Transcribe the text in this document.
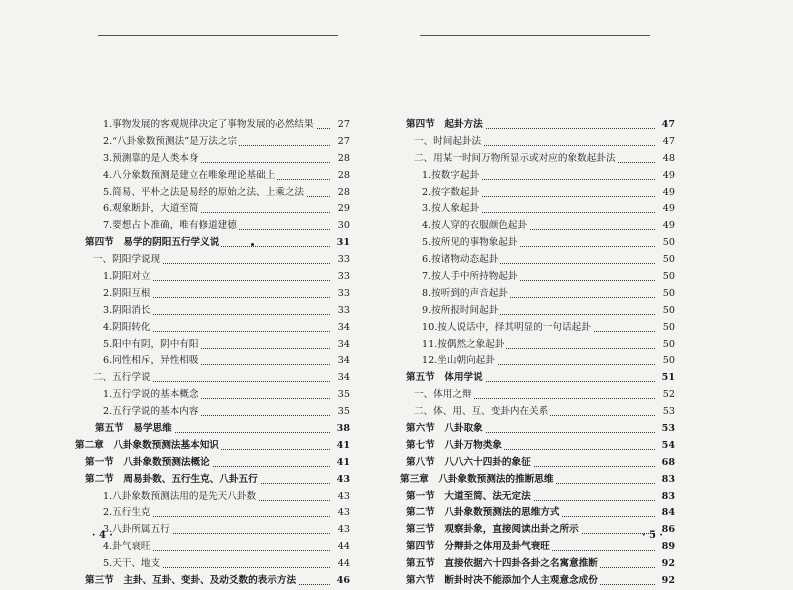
1.事物发展的客观规律决定了事物发展的必然结果	27
2.“八卦象数预测法”是万法之宗	27
3.预测靠的是人类本身	28
4.八分象数预测是建立在唯象理论基础上	28
5.简易、平朴之法是易经的原始之法、上乘之法	28
6.观象断卦，大道至简	29
7.要想占卜准确，唯有修道建德	30
第四节　易学的阴阳五行学义说	31
一、阴阳学说现	33
1.阴阳对立	33
2.阴阳互根	33
3.阴阳消长	33
4.阴阳转化	34
5.阳中有阴，阴中有阳	34
6.同性相斥，异性相吸	34
二、五行学说	34
1.五行学说的基本概念	35
2.五行学说的基本内容	35
第五节　易学思维	38
第二章　八卦象数预测法基本知识	41
第一节　八卦象数预测法概论	41
第二节　周易卦数、五行生克、八卦五行	43
1.八卦象数预测法用的是先天八卦数	43
2.五行生克	43
3.八卦所属五行	43
4.卦气衰旺	44
5.天干、地支	44
第三节　主卦、互卦、变卦、及动爻数的表示方法	46
第四节　起卦方法	47
一、时间起卦法	47
二、用某一时间万物所显示或对应的象数起卦法	48
1.按数字起卦	49
2.按字数起卦	49
3.按人象起卦	49
4.按人穿的衣服颜色起卦	49
5.按所见的事物象起卦	50
6.按诸物动态起卦	50
7.按人手中所持物起卦	50
8.按听到的声音起卦	50
9.按所报时间起卦	50
10.按人说话中，择其明显的一句话起卦	50
11.按偶然之象起卦	50
12.坐山朝向起卦	50
第五节　体用学说	51
一、体用之辩	52
二、体、用、互、变卦内在关系	53
第六节　八卦取象	53
第七节　八卦万物类象	54
第八节　八八六十四卦的象征	68
第三章　八卦象数预测法的推断思维	83
第一节　大道至简、法无定法	83
第二节　八卦象数预测法的思维方式	84
第三节　观察卦象，直接阅读出卦之所示	86
第四节　分辩卦之体用及卦气衰旺	89
第五节　直接依据六十四卦各卦之名寓意推断	92
第六节　断卦时决不能添加个人主观意念成份	92
· 4 ·	· 5 ·
